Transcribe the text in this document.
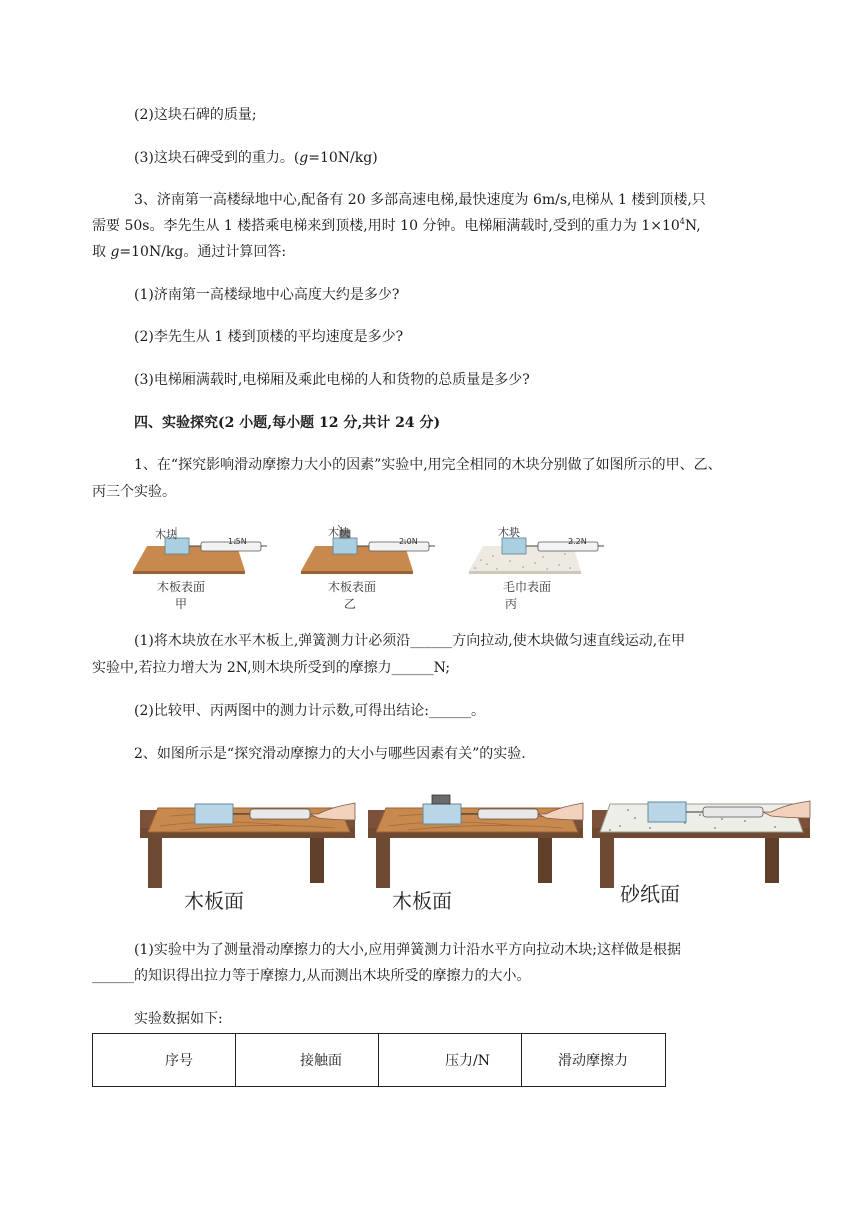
(2)这块石碑的质量;
(3)这块石碑受到的重力。(g=10N/kg)
3、济南第一高楼绿地中心,配备有 20 多部高速电梯,最快速度为 6m/s,电梯从 1 楼到顶楼,只
需要 50s。李先生从 1 楼搭乘电梯来到顶楼,用时 10 分钟。电梯厢满载时,受到的重力为 $1\times 10^4N$,
取 g=10N/kg。通过计算回答:
(1)济南第一高楼绿地中心高度大约是多少?
(2)李先生从 1 楼到顶楼的平均速度是多少?
(3)电梯厢满载时,电梯厢及乘此电梯的人和货物的总质量是多少?
四、实验探究(2 小题,每小题 12 分,共计 24 分)
1、在“探究影响滑动摩擦力大小的因素”实验中,用完全相同的木块分别做了如图所示的甲、乙、
丙三个实验。
木块
1.5N
木板表面
甲
木块
2.0N
木板表面
乙
木块
2.2N
毛巾表面
丙
(1)将木块放在水平木板上,弹簧测力计必须沿______方向拉动,使木块做匀速直线运动,在甲
实验中,若拉力增大为 2N,则木块所受到的摩擦力______N;
(2)比较甲、丙两图中的测力计示数,可得出结论:______。
2、如图所示是“探究滑动摩擦力的大小与哪些因素有关”的实验.
木板面	木板面	砂纸面
(1)实验中为了测量滑动摩擦力的大小,应用弹簧测力计沿水平方向拉动木块;这样做是根据
______的知识得出拉力等于摩擦力,从而测出木块所受的摩擦力的大小。
实验数据如下:
序号	接触面	压力/N	滑动摩擦力
